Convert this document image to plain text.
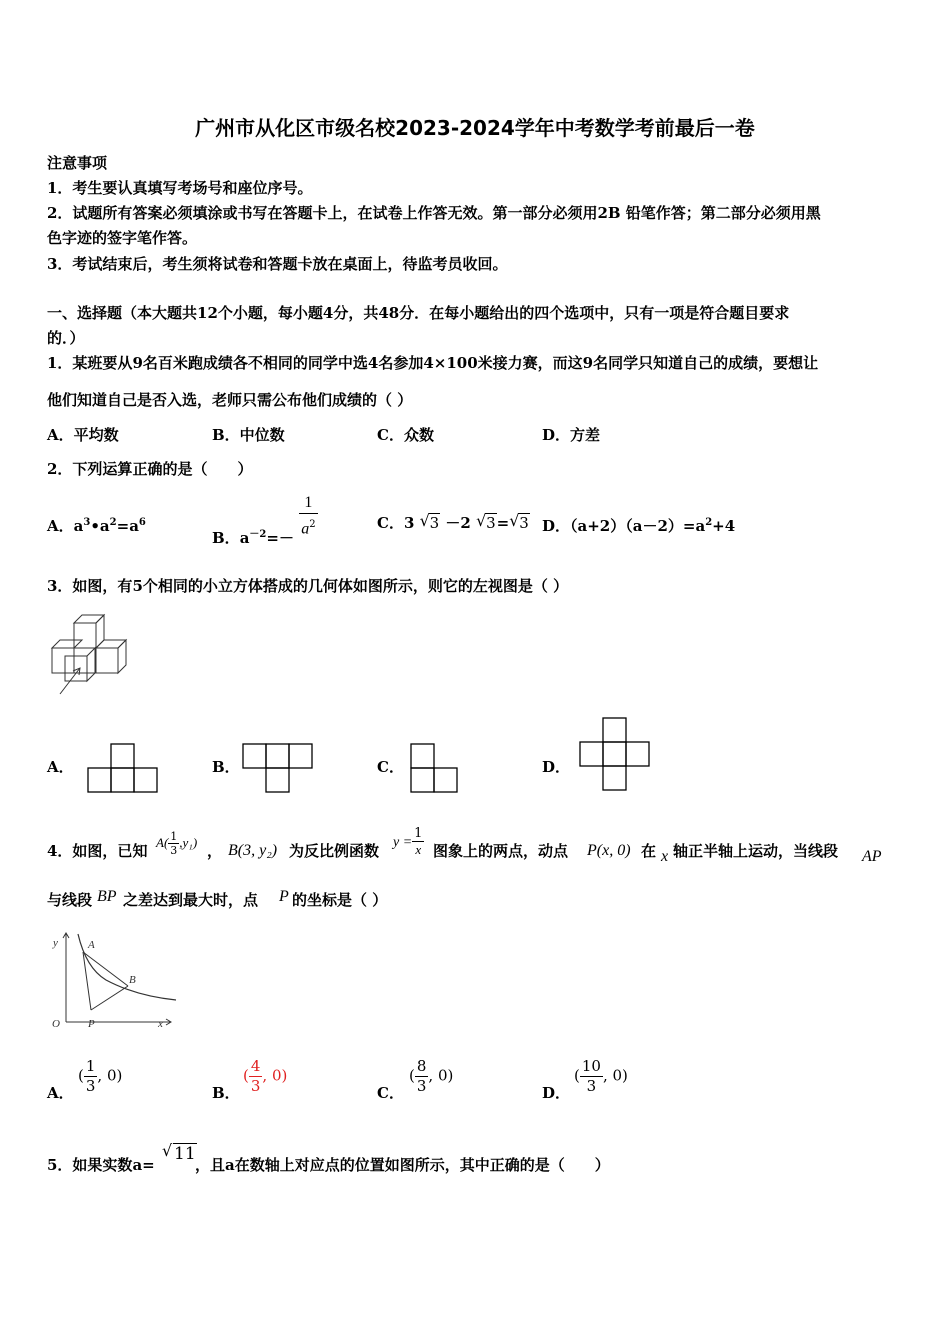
广州市从化区市级名校2023-2024学年中考数学考前最后一卷
注意事项
1．考生要认真填写考场号和座位序号。
2．试题所有答案必须填涂或书写在答题卡上，在试卷上作答无效。第一部分必须用2B 铅笔作答；第二部分必须用黑
色字迹的签字笔作答。
3．考试结束后，考生须将试卷和答题卡放在桌面上，待监考员收回。
一、选择题（本大题共12个小题，每小题4分，共48分．在每小题给出的四个选项中，只有一项是符合题目要求
的．）
1．某班要从9名百米跑成绩各不相同的同学中选4名参加4×100米接力赛，而这9名同学只知道自己的成绩，要想让
他们知道自己是否入选，老师只需公布他们成绩的（ ）
A．平均数	B．中位数	C．众数	D．方差
2．下列运算正确的是（　　）
A．$a^3•a^2=a^6$
B．$a^{-2}=- \frac{1}{a^2}$	C．3 √ 3 －2 √ 3= √ 3 D．$(a+2)(a-2)=a^2+4$
3．如图，有5个相同的小立方体搭成的几何体如图所示，则它的左视图是（ ）
A．	B．	C．	D．
4．如图，已知 $A( \frac{1}{3} ,y_1)$ ， B(3, y₂) 为反比例函数 $y = \frac{1}{x}$ 图象上的两点，动点 P(x, 0) 在 x 轴正半轴上运动，当线段 AP
与线段 BP 之差达到最大时，点 P 的坐标是（ ）
y	A
B
O	P	x
A．
( $\frac{1}{3}$ , 0)
B．
( $\frac{4}{3}$ , 0)
C．
( $\frac{8}{3}$ , 0)
D．
( $\frac{10}{3}$ , 0)
5．如果实数a=
√ 11
，且a在数轴上对应点的位置如图所示，其中正确的是（　　）
